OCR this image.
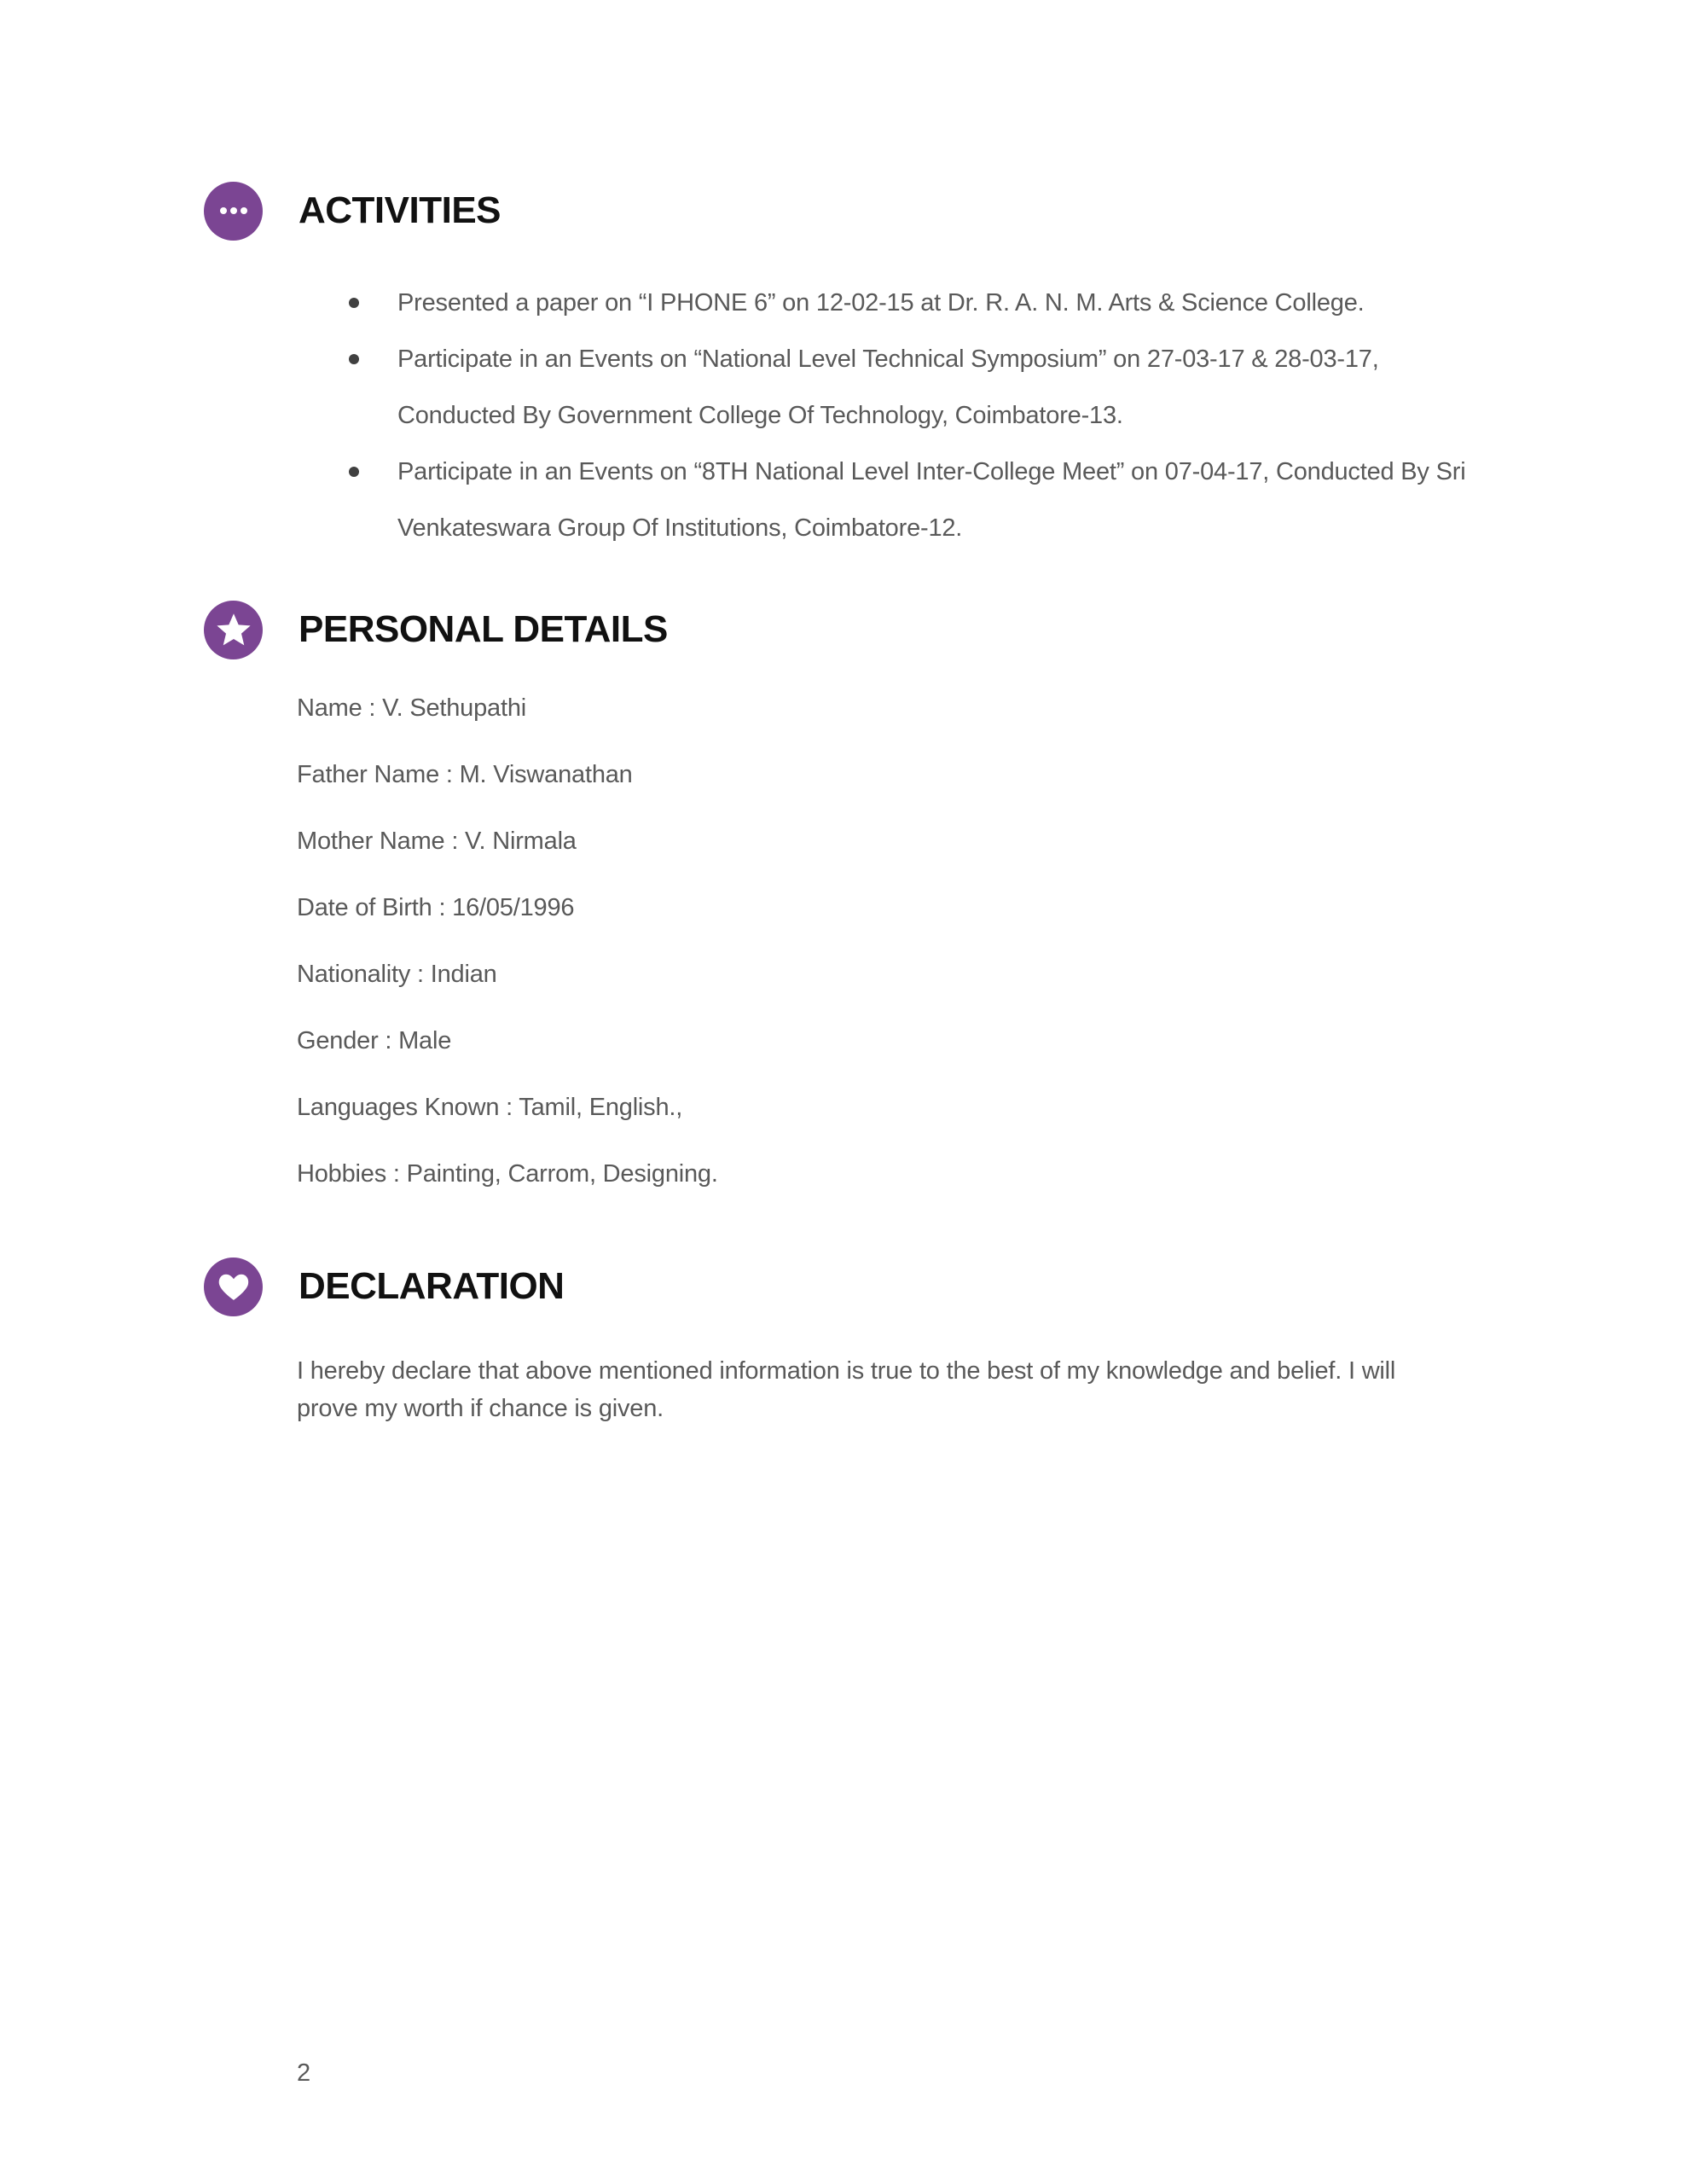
ACTIVITIES
Presented a paper on “I PHONE 6” on 12-02-15 at Dr. R. A. N. M. Arts & Science College.
Participate in an Events on “National Level Technical Symposium” on 27-03-17 & 28-03-17, Conducted By Government College Of Technology, Coimbatore-13.
Participate in an Events on “8TH National Level Inter-College Meet” on 07-04-17, Conducted By Sri Venkateswara Group Of Institutions, Coimbatore-12.
PERSONAL DETAILS
Name : V. Sethupathi
Father Name : M. Viswanathan
Mother Name : V. Nirmala
Date of Birth : 16/05/1996
Nationality : Indian
Gender : Male
Languages Known : Tamil, English.,
Hobbies : Painting, Carrom, Designing.
DECLARATION

I hereby declare that above mentioned information is true to the best of my knowledge and belief. I will prove my worth if chance is given.

2
